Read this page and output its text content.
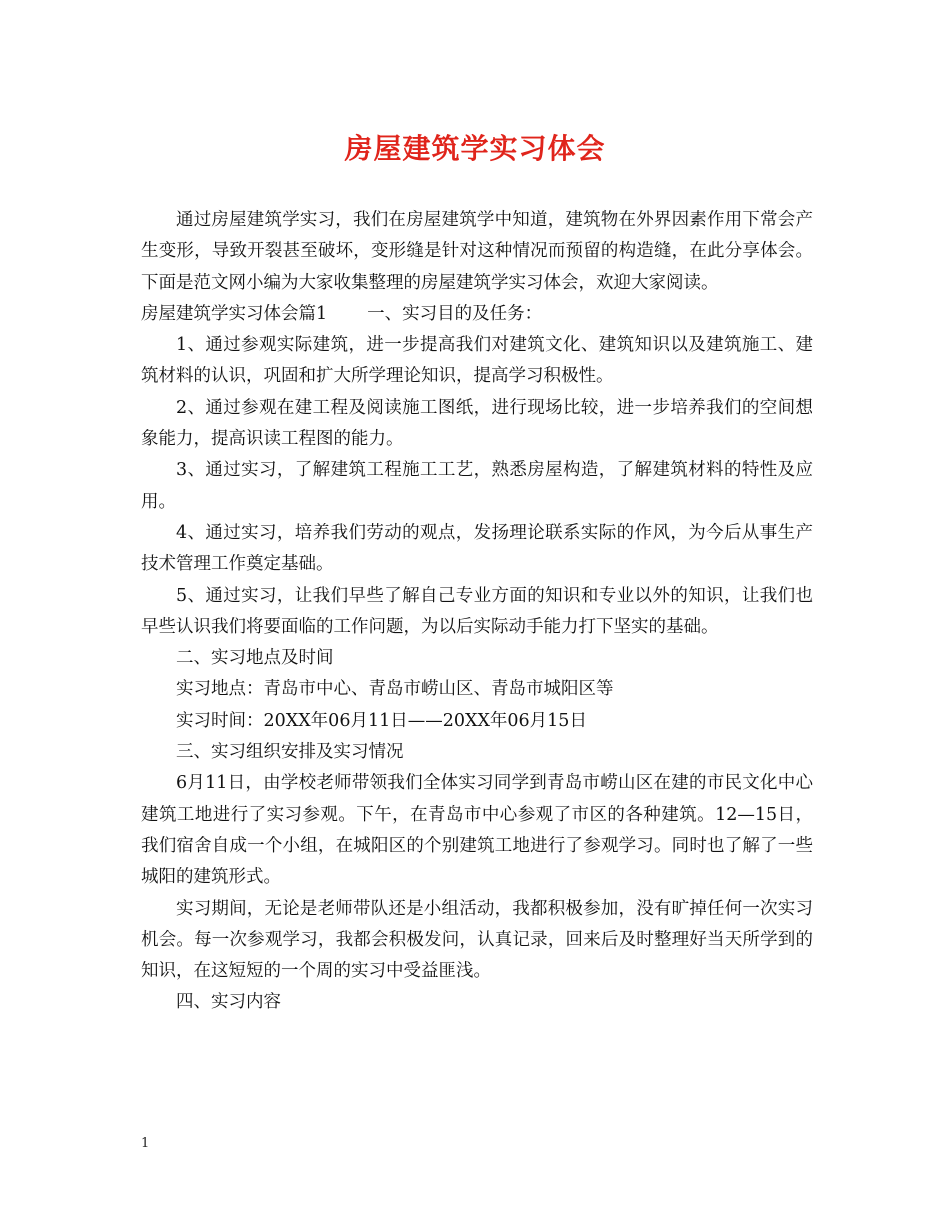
房屋建筑学实习体会

通过房屋建筑学实习，我们在房屋建筑学中知道，建筑物在外界因素作用下常会产生变形，导致开裂甚至破坏，变形缝是针对这种情况而预留的构造缝，在此分享体会。下面是范文网小编为大家收集整理的房屋建筑学实习体会，欢迎大家阅读。

房屋建筑学实习体会篇1 一、实习目的及任务：

1、通过参观实际建筑，进一步提高我们对建筑文化、建筑知识以及建筑施工、建筑材料的认识，巩固和扩大所学理论知识，提高学习积极性。

2、通过参观在建工程及阅读施工图纸，进行现场比较，进一步培养我们的空间想象能力，提高识读工程图的能力。

3、通过实习，了解建筑工程施工工艺，熟悉房屋构造，了解建筑材料的特性及应用。

4、通过实习，培养我们劳动的观点，发扬理论联系实际的作风，为今后从事生产技术管理工作奠定基础。

5、通过实习，让我们早些了解自己专业方面的知识和专业以外的知识，让我们也早些认识我们将要面临的工作问题，为以后实际动手能力打下坚实的基础。

二、实习地点及时间

实习地点：青岛市中心、青岛市崂山区、青岛市城阳区等

实习时间：20XX年06月11日——20XX年06月15日

三、实习组织安排及实习情况

6月11日，由学校老师带领我们全体实习同学到青岛市崂山区在建的市民文化中心建筑工地进行了实习参观。下午，在青岛市中心参观了市区的各种建筑。12—15日，我们宿舍自成一个小组，在城阳区的个别建筑工地进行了参观学习。同时也了解了一些城阳的建筑形式。

实习期间，无论是老师带队还是小组活动，我都积极参加，没有旷掉任何一次实习机会。每一次参观学习，我都会积极发问，认真记录，回来后及时整理好当天所学到的知识，在这短短的一个周的实习中受益匪浅。

四、实习内容

1
